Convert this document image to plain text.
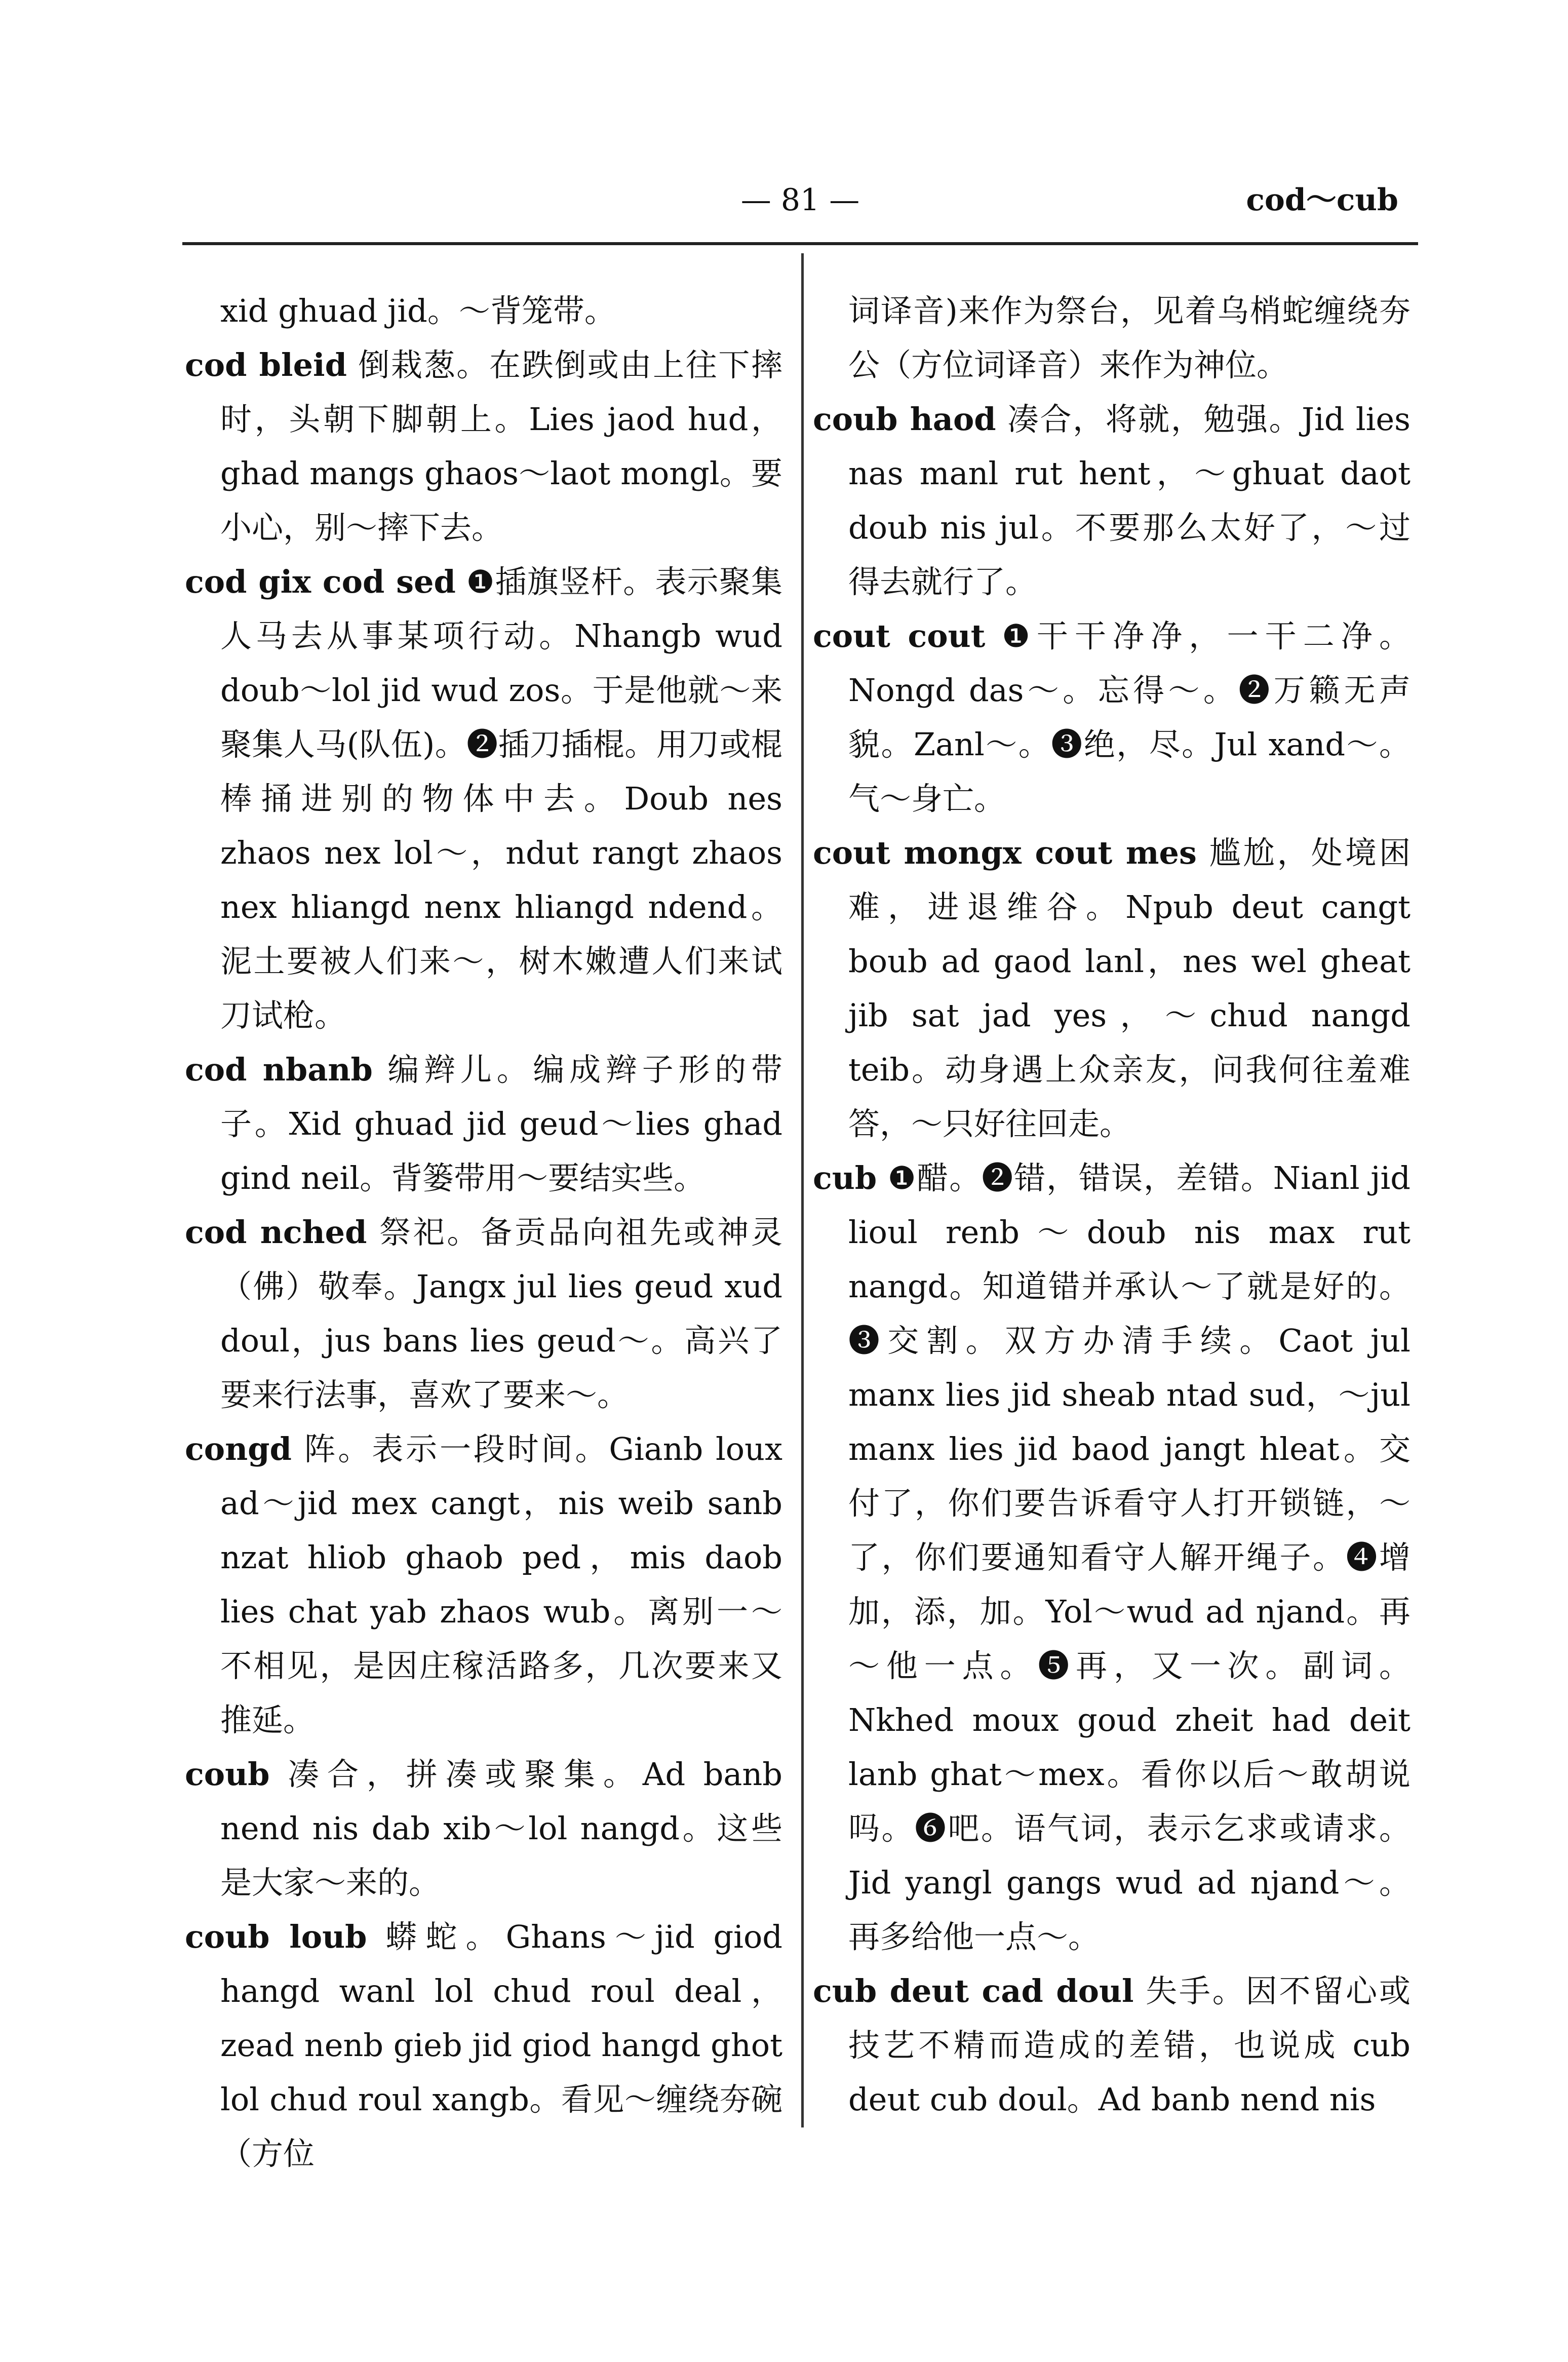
— 81 —	cod～cub

xid ghuad jid。～背笼带。

cod bleid 倒栽葱。在跌倒或由上往下摔时，头朝下脚朝上。Lies jaod hud，ghad mangs ghaos～laot mongl。要小心，别～摔下去。

cod gix cod sed ❶插旗竖杆。表示聚集人马去从事某项行动。Nhangb wud doub～lol jid wud zos。于是他就～来聚集人马(队伍)。❷插刀插棍。用刀或棍棒捅进别的物体中去。Doub nes zhaos nex lol～，ndut rangt zhaos nex hliangd nenx hliangd ndend。泥土要被人们来～，树木嫩遭人们来试刀试枪。

cod nbanb 编辫儿。编成辫子形的带子。Xid ghuad jid geud～lies ghad gind neil。背篓带用～要结实些。

cod nched 祭祀。备贡品向祖先或神灵（佛）敬奉。Jangx jul lies geud xud doul，jus bans lies geud～。高兴了要来行法事，喜欢了要来～。

congd 阵。表示一段时间。Gianb loux ad～jid mex cangt，nis weib sanb nzat hliob ghaob ped，mis daob lies chat yab zhaos wub。离别一～不相见，是因庄稼活路多，几次要来又推延。

coub 凑合，拼凑或聚集。Ad banb nend nis dab xib～lol nangd。这些是大家～来的。

coub loub 蟒蛇。Ghans～jid giod hangd wanl lol chud roul deal，zead nenb gieb jid giod hangd ghot lol chud roul xangb。看见～缠绕夯碗（方位

词译音)来作为祭台，见着乌梢蛇缠绕夯公（方位词译音）来作为神位。

coub haod 凑合，将就，勉强。Jid lies nas manl rut hent，～ghuat daot doub nis jul。不要那么太好了，～过得去就行了。

cout cout ❶干干净净，一干二净。Nongd das～。忘得～。❷万籁无声貌。Zanl～。❸绝，尽。Jul xand～。气～身亡。

cout mongx cout mes 尴尬，处境困难，进退维谷。Npub deut cangt boub ad gaod lanl，nes wel gheat jib sat jad yes，～chud nangd teib。动身遇上众亲友，问我何往羞难答，～只好往回走。

cub ❶醋。❷错，错误，差错。Nianl jid lioul renb～doub nis max rut nangd。知道错并承认～了就是好的。❸交割。双方办清手续。Caot jul manx lies jid sheab ntad sud，～jul manx lies jid baod jangt hleat。交付了，你们要告诉看守人打开锁链，～了，你们要通知看守人解开绳子。❹增加，添，加。Yol～wud ad njand。再～他一点。❺再，又一次。副词。Nkhed moux goud zheit had deit lanb ghat～mex。看你以后～敢胡说吗。❻吧。语气词，表示乞求或请求。Jid yangl gangs wud ad njand～。再多给他一点～。

cub deut cad doul 失手。因不留心或技艺不精而造成的差错，也说成 cub deut cub doul。Ad banb nend nis
